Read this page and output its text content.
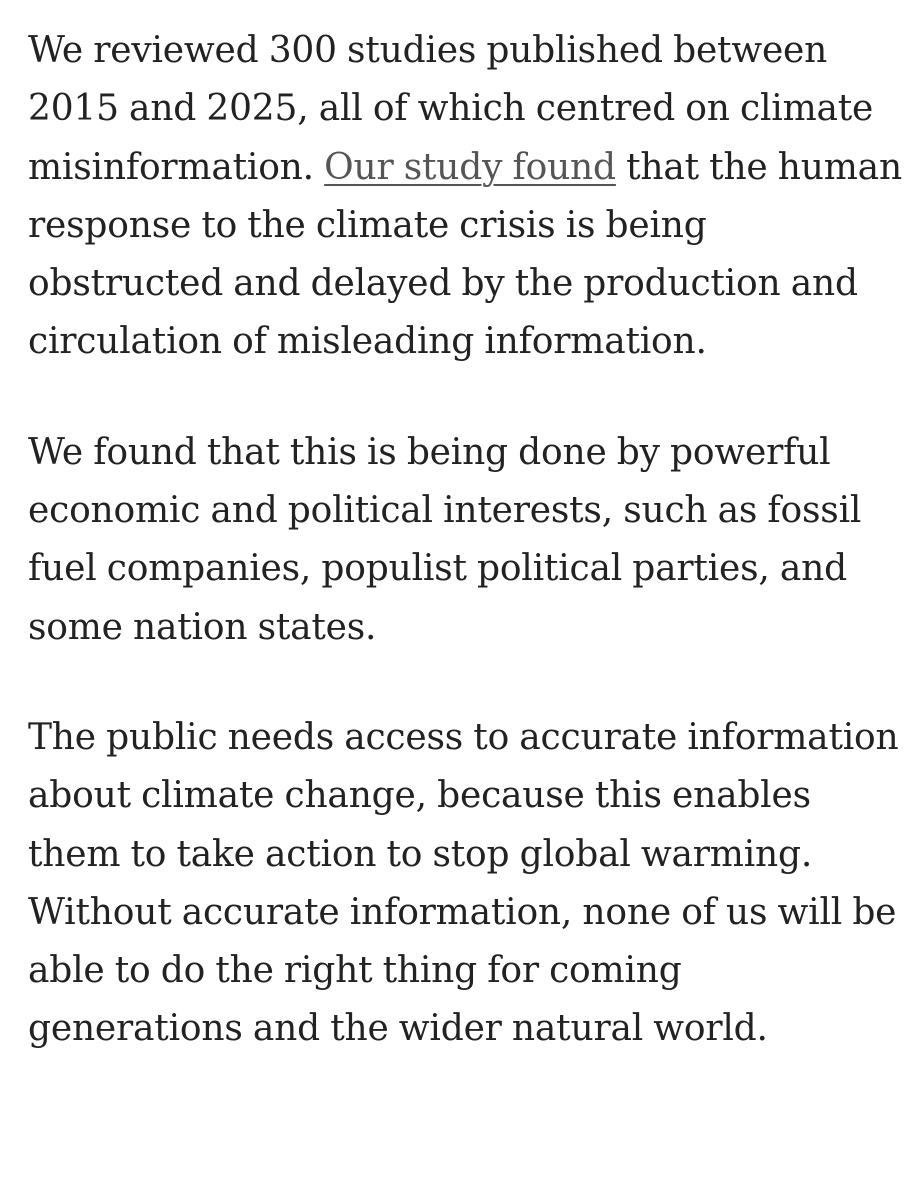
We reviewed 300 studies published between 2015 and 2025, all of which centred on climate misinformation. Our study found that the human response to the climate crisis is being obstructed and delayed by the production and circulation of misleading information.

We found that this is being done by powerful economic and political interests, such as fossil fuel companies, populist political parties, and some nation states.

The public needs access to accurate information about climate change, because this enables them to take action to stop global warming. Without accurate information, none of us will be able to do the right thing for coming generations and the wider natural world.
